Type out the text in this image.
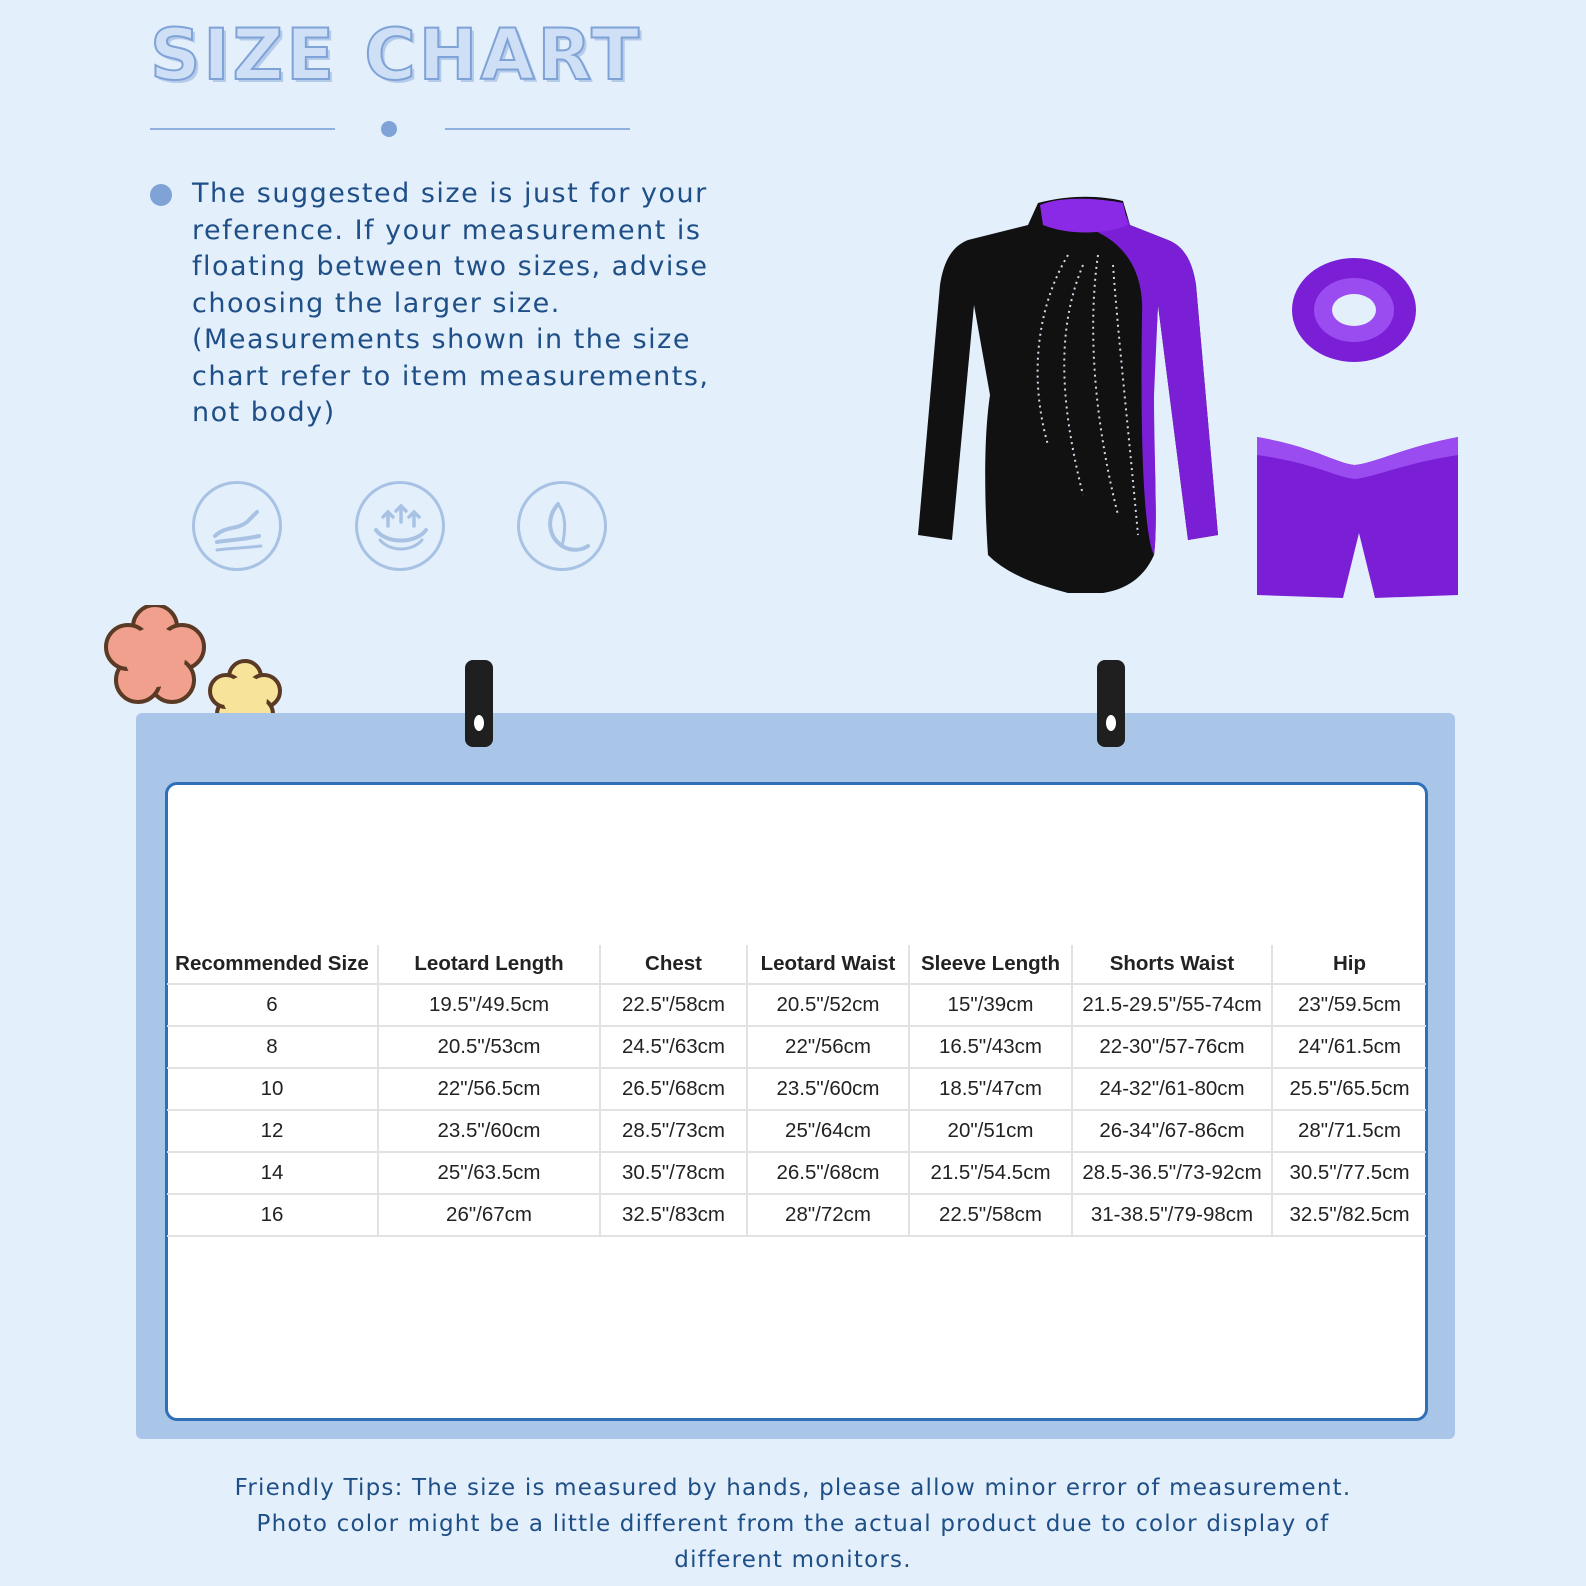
SIZE CHART
The suggested size is just for your
reference. If your measurement is
floating between two sizes, advise
choosing the larger size.
(Measurements shown in the size
chart refer to item measurements,
not body)
Recommended Size	Leotard Length	Chest	Leotard Waist	Sleeve Length	Shorts Waist	Hip
6	19.5"/49.5cm	22.5"/58cm	20.5"/52cm	15"/39cm	21.5-29.5"/55-74cm	23"/59.5cm
8	20.5"/53cm	24.5"/63cm	22"/56cm	16.5"/43cm	22-30"/57-76cm	24"/61.5cm
10	22"/56.5cm	26.5"/68cm	23.5"/60cm	18.5"/47cm	24-32"/61-80cm	25.5"/65.5cm
12	23.5"/60cm	28.5"/73cm	25"/64cm	20"/51cm	26-34"/67-86cm	28"/71.5cm
14	25"/63.5cm	30.5"/78cm	26.5"/68cm	21.5"/54.5cm	28.5-36.5"/73-92cm	30.5"/77.5cm
16	26"/67cm	32.5"/83cm	28"/72cm	22.5"/58cm	31-38.5"/79-98cm	32.5"/82.5cm
Friendly Tips: The size is measured by hands, please allow minor error of measurement.
Photo color might be a little different from the actual product due to color display of
different monitors.
